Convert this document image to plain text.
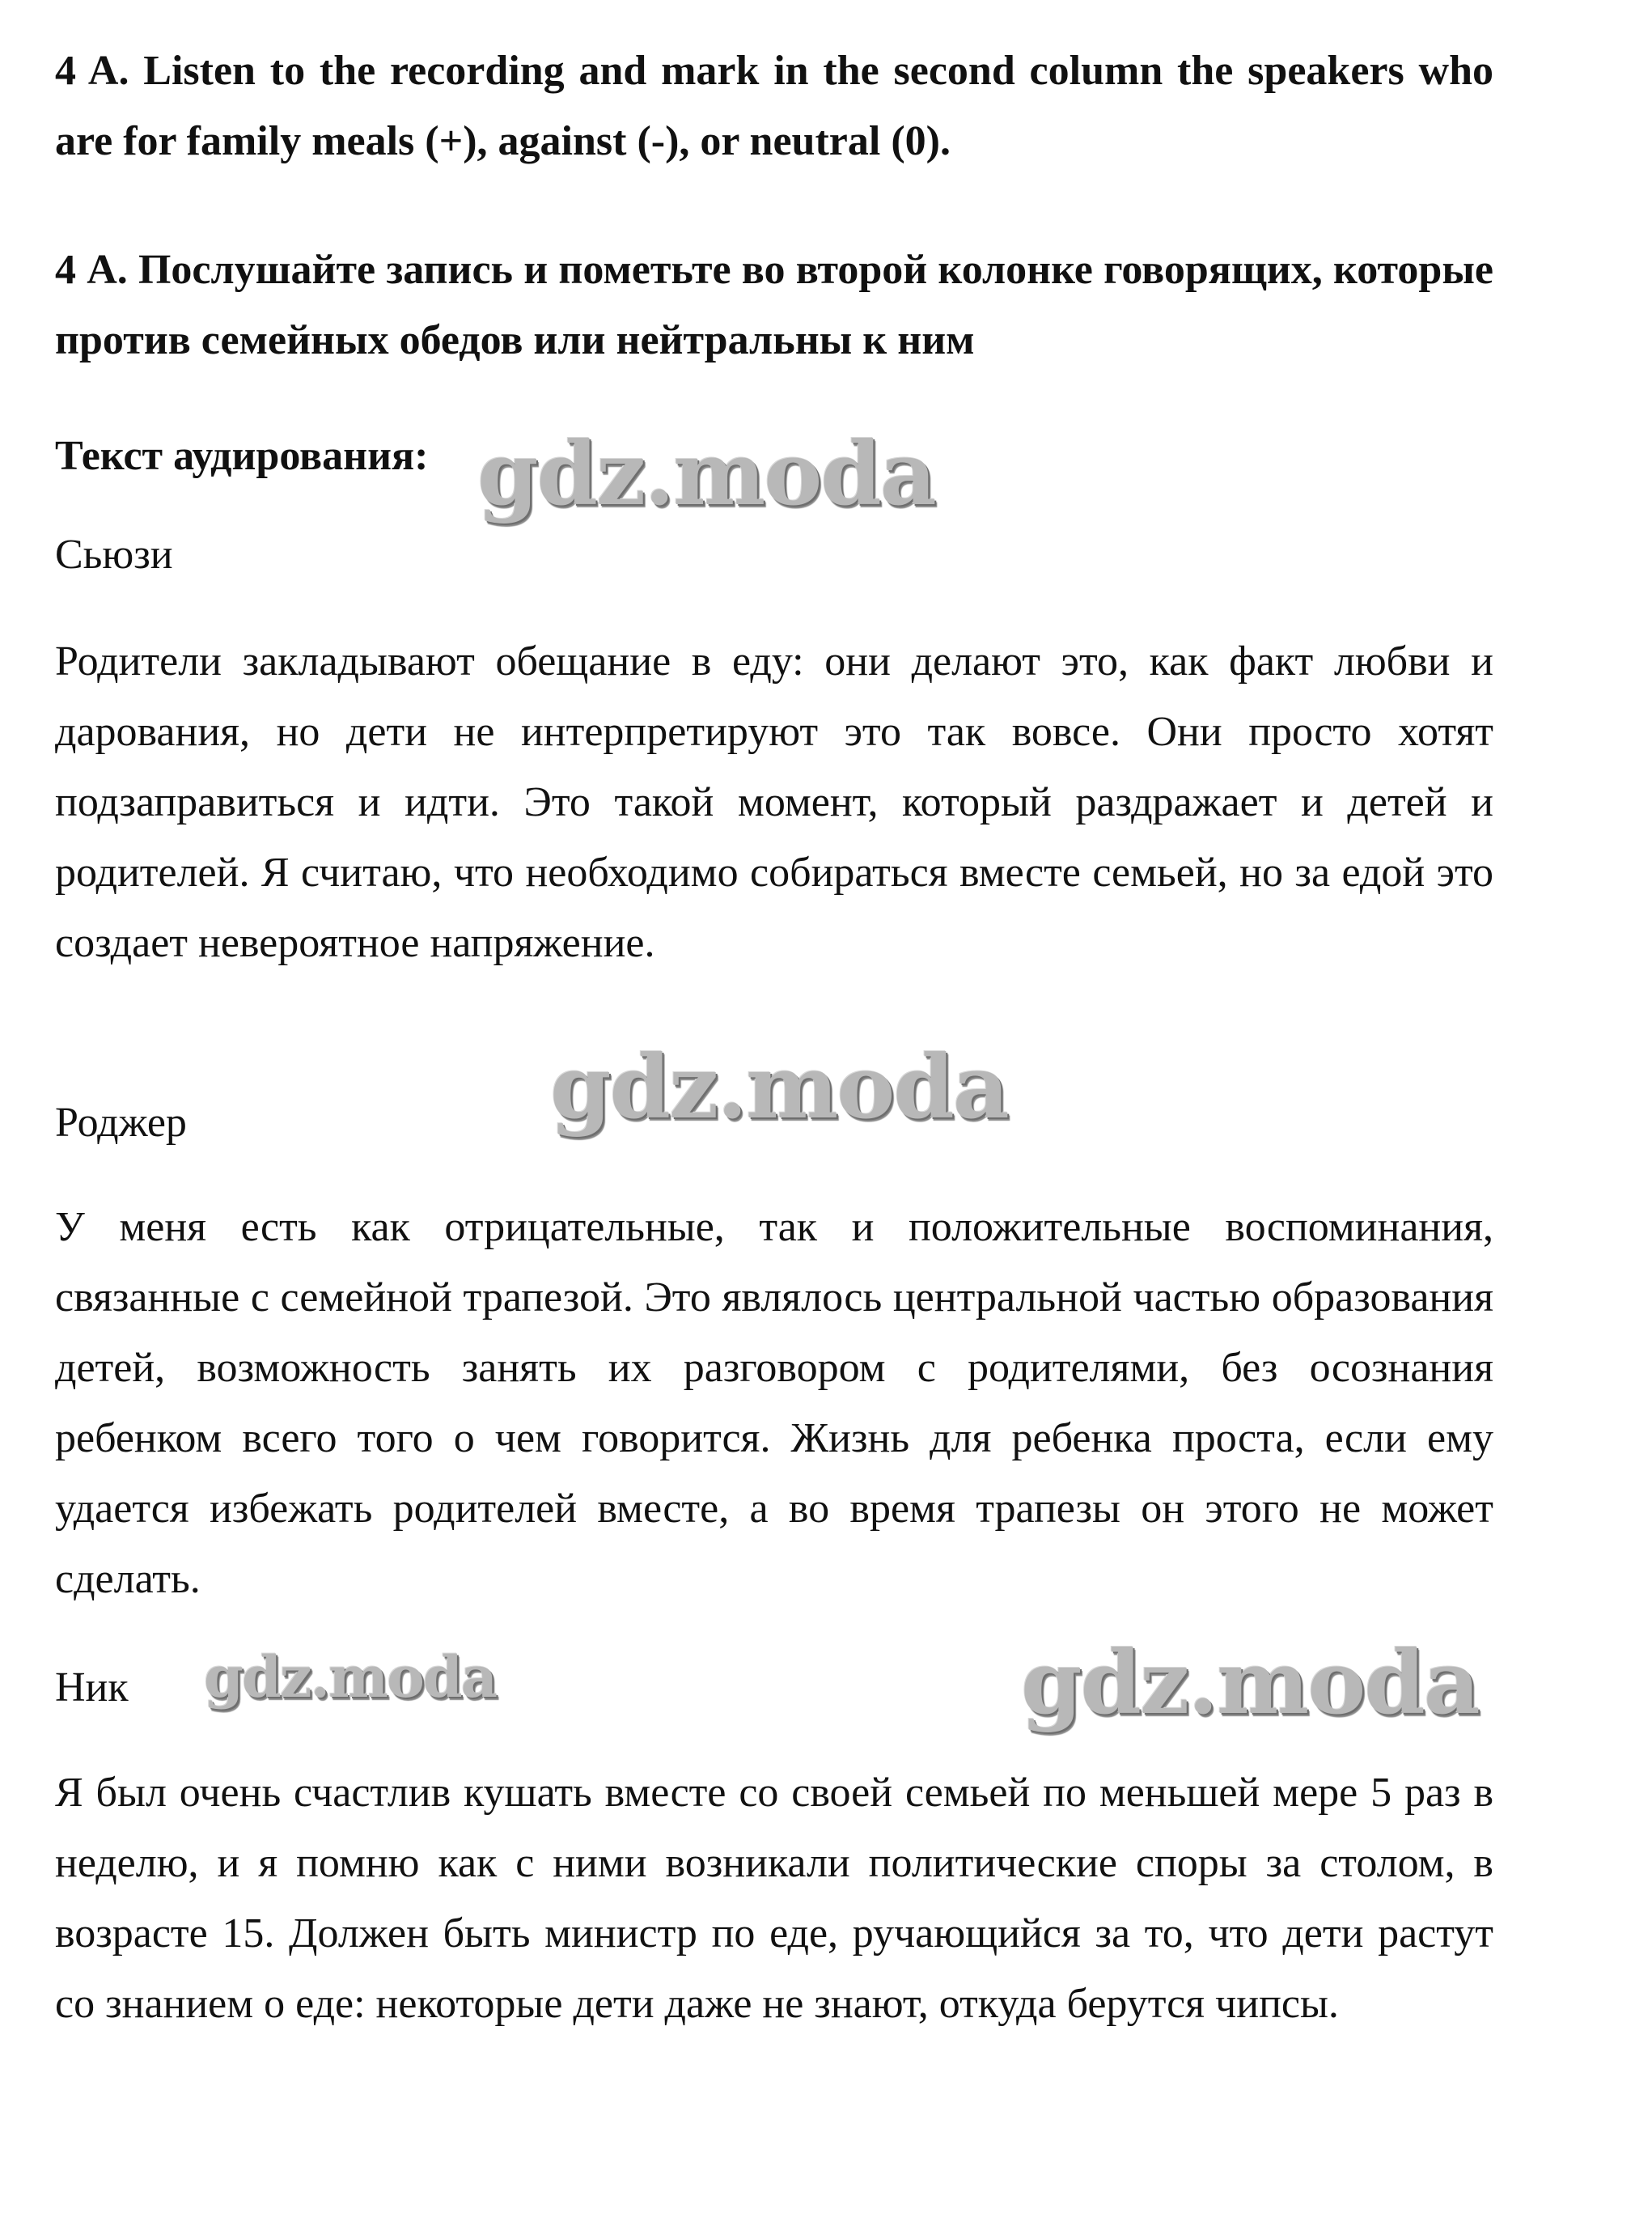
4 A. Listen to the recording and mark in the second column the speakers who are for family meals (+), against (-), or neutral (0).

4 А. Послушайте запись и пометьте во второй колонке говорящих, которые против семейных обедов или нейтральны к ним

Текст аудирования:

Сьюзи

Родители закладывают обещание в еду: они делают это, как факт любви и дарования, но дети не интерпретируют это так вовсе. Они просто хотят подзаправиться и идти. Это такой момент, который раздражает и детей и родителей. Я считаю, что необходимо собираться вместе семьей, но за едой это создает невероятное напряжение.

Роджер

У меня есть как отрицательные, так и положительные воспоминания, связанные с семейной трапезой. Это являлось центральной частью образования детей, возможность занять их разговором с родителями, без осознания ребенком всего того о чем говорится. Жизнь для ребенка проста, если ему удается избежать родителей вместе, а во время трапезы он этого не может сделать.

Ник

Я был очень счастлив кушать вместе со своей семьей по меньшей мере 5 раз в неделю, и я помню как с ними возникали политические споры за столом, в возрасте 15. Должен быть министр по еде, ручающийся за то, что дети растут со знанием о еде: некоторые дети даже не знают, откуда берутся чипсы.

gdz.moda
gdz.moda
gdz.moda	gdz.moda
